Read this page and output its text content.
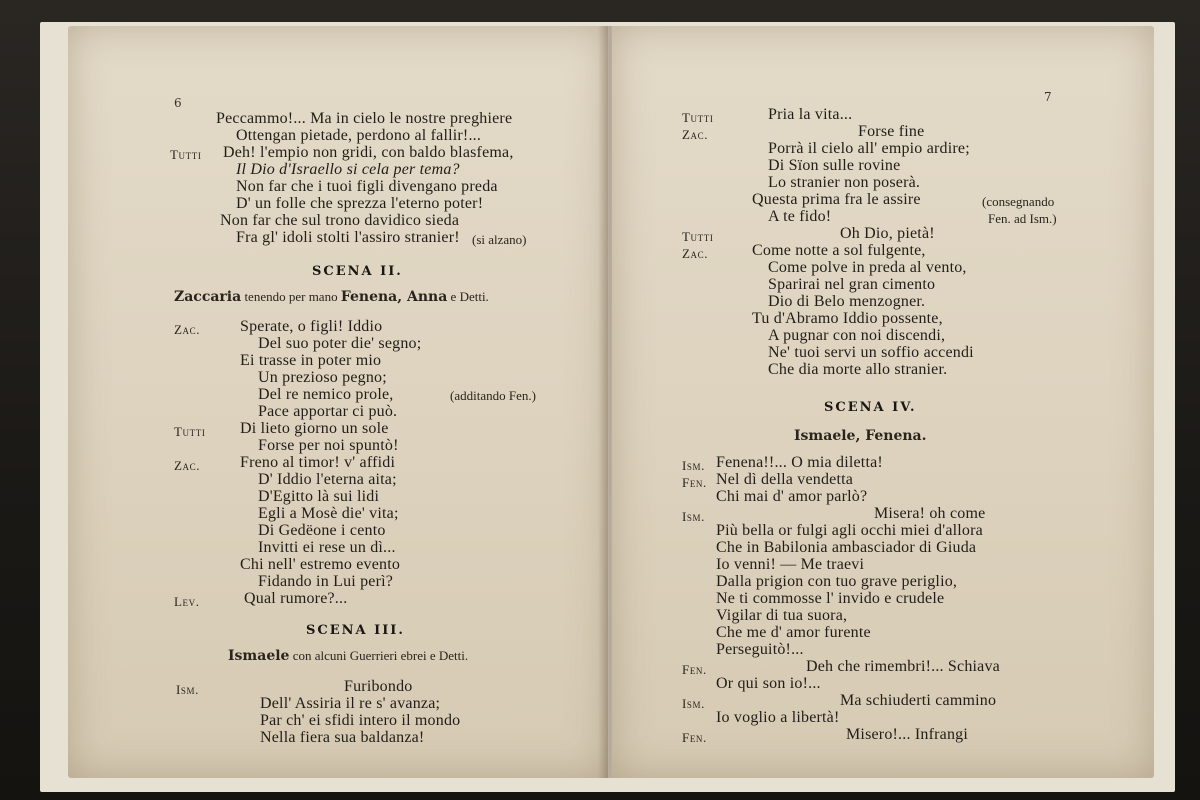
6
Peccammo!... Ma in cielo le nostre preghiere
Ottengan pietade, perdono al fallir!...
Tutti Deh! l'empio non gridi, con baldo blasfema,
Il Dio d'Israello si cela per tema?
Non far che i tuoi figli divengano preda
D' un folle che sprezza l'eterno poter!
Non far che sul trono davidico sieda
Fra gl' idoli stolti l'assiro stranier! (si alzano)
SCENA II.
Zaccaria tenendo per mano Fenena, Anna e Detti.
Zac. Sperate, o figli! Iddio
Del suo poter die' segno;
Ei trasse in poter mio
Un prezioso pegno;
Del re nemico prole,	(additando Fen.)
Pace apportar ci può.
Tutti Di lieto giorno un sole
Forse per noi spuntò!
Zac. Freno al timor! v' affidi
D' Iddio l'eterna aita;
D'Egitto là sui lidi
Egli a Mosè die' vita;
Di Gedëone i cento
Invitti ei rese un dì...
Chi nell' estremo evento
Fidando in Lui perì?
Lev.	Qual rumore?...
SCENA III.
Ismaele con alcuni Guerrieri ebrei e Detti.
Ism.	Furibondo
Dell' Assiria il re s' avanza;
Par ch' ei sfidi intero il mondo
Nella fiera sua baldanza!
7
Tutti	Pria la vita...
Zac.	Forse fine
Porrà il cielo all' empio ardire;
Di Sïon sulle rovine
Lo stranier non poserà.
Questa prima fra le assire	(consegnando
A te fido!	Fen. ad Ism.)
Tutti	Oh Dio, pietà!
Zac.	Come notte a sol fulgente,
Come polve in preda al vento,
Sparirai nel gran cimento
Dio di Belo menzogner.
Tu d'Abramo Iddio possente,
A pugnar con noi discendi,
Ne' tuoi servi un soffio accendi
Che dia morte allo stranier.
SCENA IV.
Ismaele, Fenena.
Ism. Fenena!!... O mia diletta!
Fen. Nel dì della vendetta
Chi mai d' amor parlò?
Ism.	Misera! oh come
Più bella or fulgi agli occhi miei d'allora
Che in Babilonia ambasciador di Giuda
Io venni! — Me traevi
Dalla prigion con tuo grave periglio,
Ne ti commosse l' invido e crudele
Vigilar di tua suora,
Che me d' amor furente
Perseguitò!...
Fen.	Deh che rimembri!... Schiava
Or qui son io!...
Ism.	Ma schiuderti cammino
Io voglio a libertà!
Fen.	Misero!... Infrangi
